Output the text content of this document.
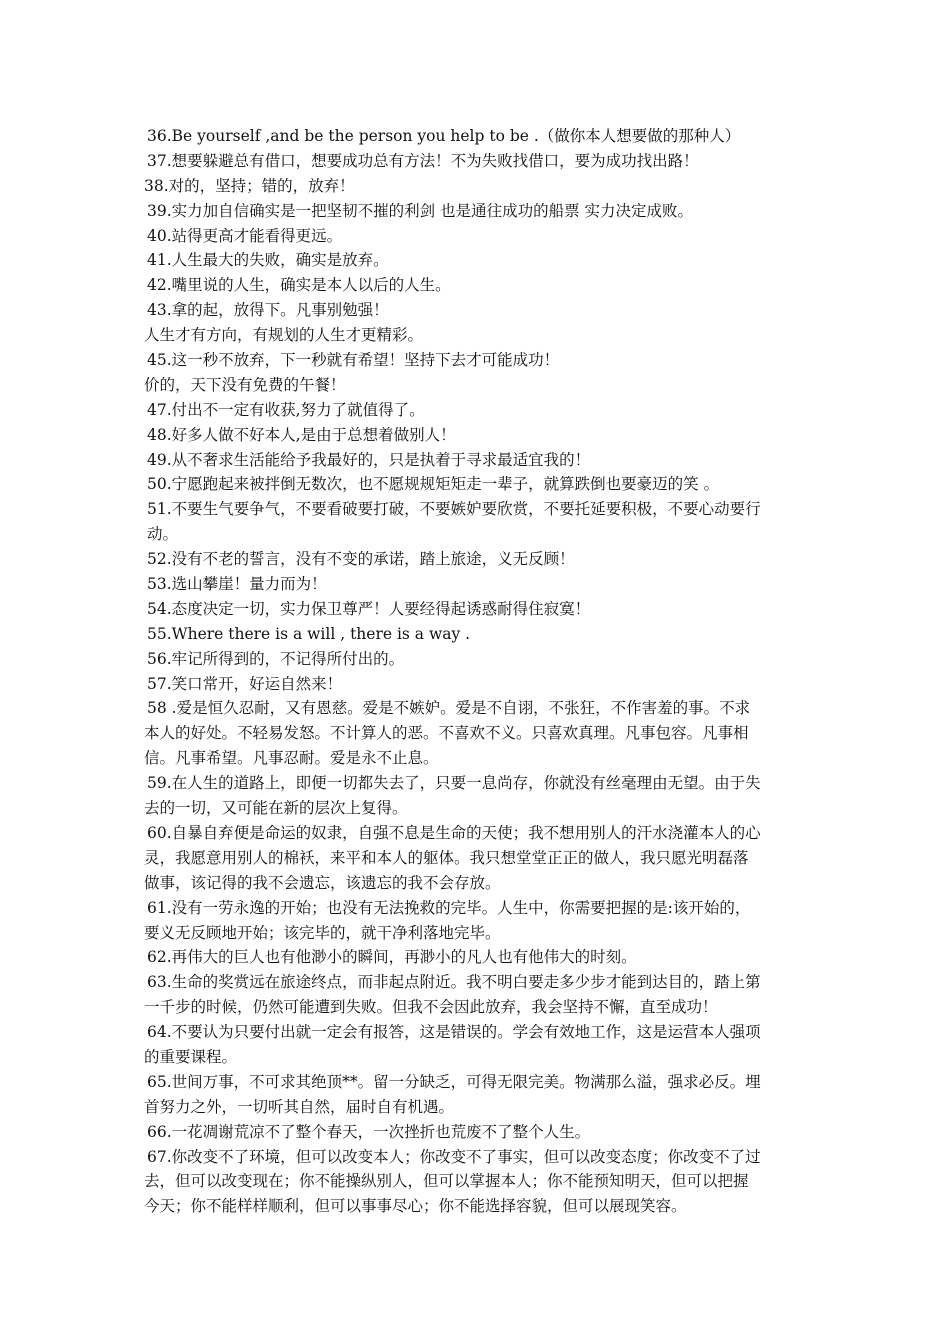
36.Be yourself ,and be the person you help to be .（做你本人想要做的那种人）
37.想要躲避总有借口，想要成功总有方法！不为失败找借口，要为成功找出路！
38.对的，坚持；错的，放弃！
39.实力加自信确实是一把坚韧不摧的利剑 也是通往成功的船票 实力决定成败。
40.站得更高才能看得更远。
41.人生最大的失败，确实是放弃。
42.嘴里说的人生，确实是本人以后的人生。
43.拿的起，放得下。凡事别勉强！
人生才有方向，有规划的人生才更精彩。
45.这一秒不放弃，下一秒就有希望！坚持下去才可能成功！
价的，天下没有免费的午餐！
47.付出不一定有收获,努力了就值得了。
48.好多人做不好本人,是由于总想着做别人！
49.从不奢求生活能给予我最好的，只是执着于寻求最适宜我的！
50.宁愿跑起来被拌倒无数次，也不愿规规矩矩走一辈子，就算跌倒也要豪迈的笑 。
51.不要生气要争气，不要看破要打破，不要嫉妒要欣赏，不要托延要积极，不要心动要行
动。
52.没有不老的誓言，没有不变的承诺，踏上旅途，义无反顾！
53.选山攀崖！量力而为！
54.态度决定一切，实力保卫尊严！人要经得起诱惑耐得住寂寞！
55.Where there is a will , there is a way .
56.牢记所得到的，不记得所付出的。
57.笑口常开，好运自然来！
58 .爱是恒久忍耐，又有恩慈。爱是不嫉妒。爱是不自诩，不张狂，不作害羞的事。不求
本人的好处。不轻易发怒。不计算人的恶。不喜欢不义。只喜欢真理。凡事包容。凡事相
信。凡事希望。凡事忍耐。爱是永不止息。
59.在人生的道路上，即便一切都失去了，只要一息尚存，你就没有丝毫理由无望。由于失
去的一切，又可能在新的层次上复得。
60.自暴自弃便是命运的奴隶，自强不息是生命的天使；我不想用别人的汗水浇灌本人的心
灵，我愿意用别人的棉袄，来平和本人的躯体。我只想堂堂正正的做人，我只愿光明磊落
做事，该记得的我不会遗忘，该遗忘的我不会存放。
61.没有一劳永逸的开始；也没有无法挽救的完毕。人生中，你需要把握的是:该开始的，
要义无反顾地开始；该完毕的，就干净利落地完毕。
62.再伟大的巨人也有他渺小的瞬间，再渺小的凡人也有他伟大的时刻。
63.生命的奖赏远在旅途终点，而非起点附近。我不明白要走多少步才能到达目的，踏上第
一千步的时候，仍然可能遭到失败。但我不会因此放弃，我会坚持不懈，直至成功！
64.不要认为只要付出就一定会有报答，这是错误的。学会有效地工作，这是运营本人强项
的重要课程。
65.世间万事，不可求其绝顶**。留一分缺乏，可得无限完美。物满那么溢，强求必反。埋
首努力之外，一切听其自然，届时自有机遇。
66.一花凋谢荒凉不了整个春天，一次挫折也荒废不了整个人生。
67.你改变不了环境，但可以改变本人；你改变不了事实，但可以改变态度；你改变不了过
去，但可以改变现在；你不能操纵别人，但可以掌握本人；你不能预知明天，但可以把握
今天；你不能样样顺利，但可以事事尽心；你不能选择容貌，但可以展现笑容。
